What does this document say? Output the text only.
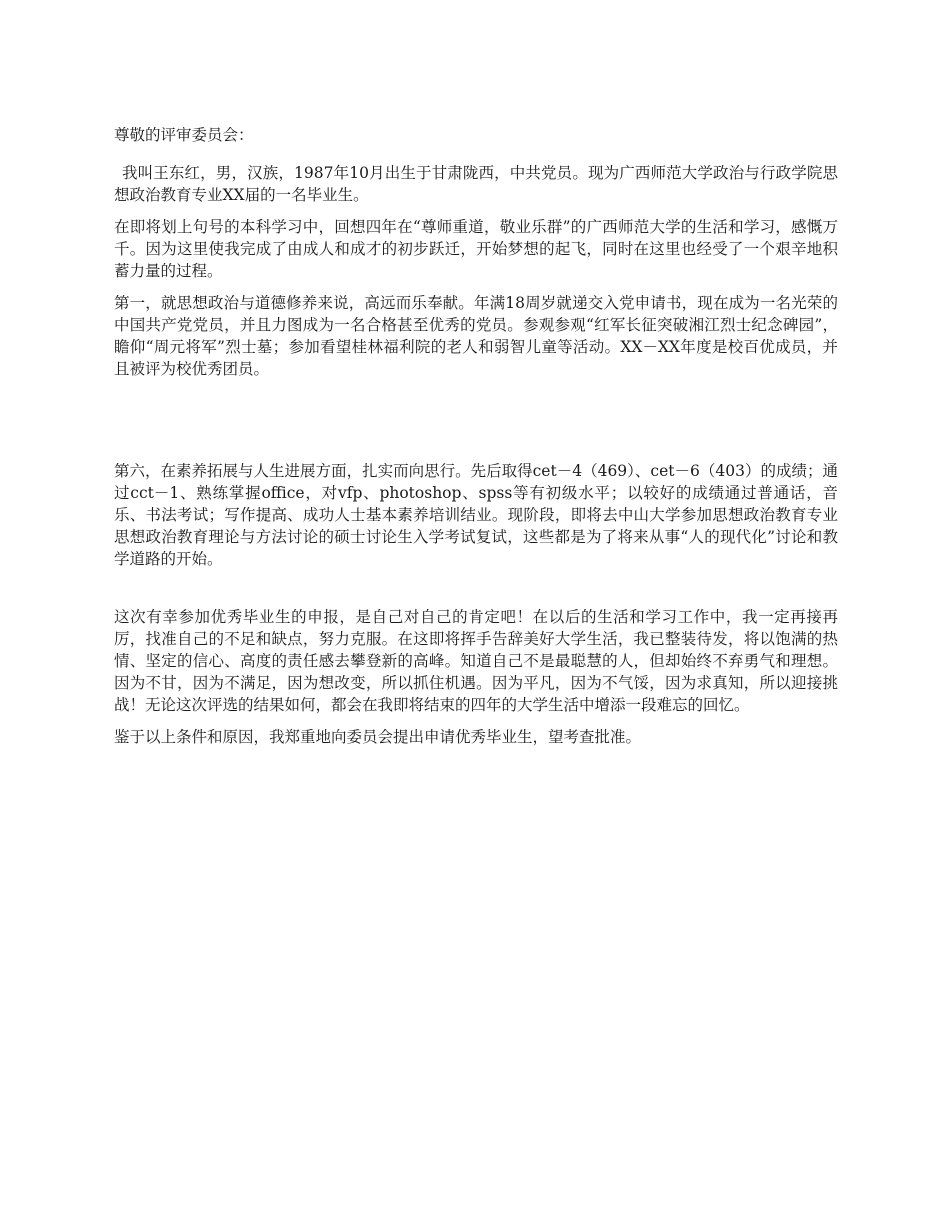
尊敬的评审委员会：

我叫王东红，男，汉族，1987年10月出生于甘肃陇西，中共党员。现为广西师范大学政治与行政学院思想政治教育专业XX届的一名毕业生。

在即将划上句号的本科学习中，回想四年在“尊师重道，敬业乐群”的广西师范大学的生活和学习，感慨万千。因为这里使我完成了由成人和成才的初步跃迁，开始梦想的起飞，同时在这里也经受了一个艰辛地积蓄力量的过程。

第一，就思想政治与道德修养来说，高远而乐奉献。年满18周岁就递交入党申请书，现在成为一名光荣的中国共产党党员，并且力图成为一名合格甚至优秀的党员。参观参观“红军长征突破湘江烈士纪念碑园”，瞻仰“周元将军”烈士墓；参加看望桂林福利院的老人和弱智儿童等活动。XX－XX年度是校百优成员，并且被评为校优秀团员。

第六，在素养拓展与人生进展方面，扎实而向思行。先后取得cet－4（469）、cet－6（403）的成绩；通过cct－1、熟练掌握office，对vfp、photoshop、spss等有初级水平；以较好的成绩通过普通话，音乐、书法考试；写作提高、成功人士基本素养培训结业。现阶段，即将去中山大学参加思想政治教育专业思想政治教育理论与方法讨论的硕士讨论生入学考试复试，这些都是为了将来从事“人的现代化”讨论和教学道路的开始。

这次有幸参加优秀毕业生的申报，是自己对自己的肯定吧！在以后的生活和学习工作中，我一定再接再厉，找准自己的不足和缺点，努力克服。在这即将挥手告辞美好大学生活，我已整装待发，将以饱满的热情、坚定的信心、高度的责任感去攀登新的高峰。知道自己不是最聪慧的人，但却始终不弃勇气和理想。因为不甘，因为不满足，因为想改变，所以抓住机遇。因为平凡，因为不气馁，因为求真知，所以迎接挑战！无论这次评选的结果如何，都会在我即将结束的四年的大学生活中增添一段难忘的回忆。

鉴于以上条件和原因，我郑重地向委员会提出申请优秀毕业生，望考查批准。
